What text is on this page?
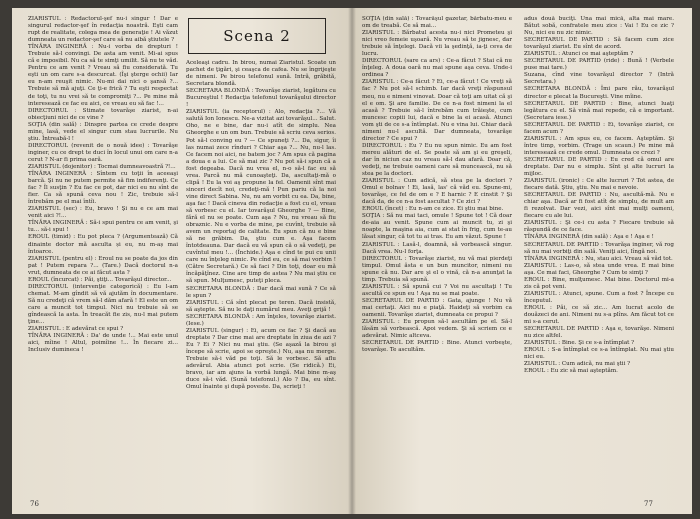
ZIARISTUL : Redactorul-şef nu-i singur ! Dar e singurul redactor-şef în redacţia noastră. Eşti cam rupt de realitate, colega mea de generaţie ! Ai văzut dumneata un redactor-şef care să nu aibă ştiutele ?
TÎNĂRA INGINERĂ : Nu-i vorba de drepturi ! Trebuie să-l convingi. De asta am venit. Mi-ai spus că e imposibil. Nu ca să te simţi umilit. Să nu te văd. Pentru ce am venit ? Vreau să fiu considerată. Tu eşti un om care s-a descurcat. (Îşi şterge ochii) Iar eu n-am reuşit nimic. Nu-mi dai nici o şansă ?... Trebuie să mă ajuţi. Ce ţi-e frică ? Tu eşti respectat de toţi, tu nu vrei să te compromiţi ?... Pe mine mă interesează ce fac eu aici, ce vreau eu să fac !...
DIRECTORUL : Stimate tovarăşe ziarist, n-ai obiecţiuni nici de ce vine ?
SOŢIA (din sală) : Dinspre partea ce crede despre mine, lasă, vede el singur cum stau lucrurile. Nu ştiu. Întreabă-l !
DIRECTORUL (revenit de o nouă idee) : Tovarăşe inginer, cu ce drept te duci în locul unui om care n-a cerut ? N-ar fi prima oară.
ZIARISTUL (dojenitor) : Tocmai dumneavoastră ?!...
TÎNĂRA INGINERĂ : Sîntem cu toţii în aceeaşi barcă. Şi nu ne putem permite să fim indiferenţi. Ce fac ? Îl susţin ? Eu fac ce pot, dar nici eu nu sînt de fier. Ca să spună ceva nou ! Zic, trebuie să-l întrebăm pe el mai întîi.
ZIARISTUL (sec) : Eu, bravo ! Şi nu e ce am mai venit aici ?!...
TÎNĂRA INGINERĂ : Să-i spui pentru ce am venit, şi tu... să-i spui !
EROUL (timid) : Eu pot pleca ? (Argumentează) Că dinainte doctor mă asculta și eu, nu m-aș mai întoarce.
ZIARISTUL (pentru el) : Eroul nu se poate da jos din pat ! Putem repara ?... (Tare.) Dacă doctorul n-a vrut, dumneata de ce ai făcut asta ?
EROUL (încurcat) : Păi, ştiţi... Tovarăşul director...
DIRECTORUL (intervenţie categorică) : Eu l-am chemat. M-am gîndit să vă ajutăm în documentare. Să nu credeţi că vrem să-l dăm afară ! El este un om care a muncit tot timpul. Nici nu trebuie să se gîndească la asta. În treacăt fie zis, nu-l mai putem ţine...
ZIARISTUL : E adevărat ce spui ?
TÎNĂRA INGINERĂ : Da' de unde !... Mai este unul aici, mîine ! Altul, poimîine !... În fiecare zi... Inclusiv dumineca !
Scena 2
Aceleaşi cadru. În birou, numai Ziaristul. Scoate un pachet de ţigări, şi ceaşca de cafea. Nu se îngrijeşte de nimeni. Pe birou telefonul sună. Intră, grăbită, Secretara blondă.
SECRETARA BLONDĂ : Tovarăşe ziarist, legătura cu Bucureştiul ! Redacţia telefonul tovarăşului director !
ZIARISTUL (ia receptorul) : Alo, redacţia ?... Vă salută Ion Ionescu. Ne-a vizitat azi tovarăşul... Salut. Oho, ne e bine, dar nu-i atît de simplu. Nea Gheorghe e un om bun. Trebuie să scriu ceva serios. Pot să-l conving eu ? — Ce spuneţi ?... Da, sigur, îi las numai zece rînduri ? Chiar aşa ?... Nu, nu-l las. Ce facem noi aici, ne batem joc ? Am spus că pagina a doua e a lui. Ce să mai zic ? Nu pot să-i spun că a fost degeaba. Dacă nu vrea el, n-o să-l fac eu să vrea. Parcă nu mă cunoaşteţi. Da, ascultaţi-mă o clipă ! Eu la voi aş propune la fel. Oamenii sînt mai sinceri decît noi, credeţi-mă ! Pun pariu că la noi vine direct Sabina. Nu, nu am vorbit cu ea. Da, bine, aşa fac ! Dacă cineva din redacţie a fost cu el, vreau să vorbesc cu el. Iar tovarăşul Gheorghe ? — Bine, fără el nu se poate. Cum aşa ? Nu, nu vreau să fiu obraznic. Nu e vorba de mine, pe cuvînt, trebuie să avem un reportaj de calitate. Eu spun că nu e bine să ne grăbim. Da, ştiu cum e. Aşa facem întotdeauna. Dar dacă eu vă spun că o să vedeţi, pe cuvîntul meu !... (Închide.) Aşa e cînd te pui cu unii care nu înţeleg nimic. Pe cînd eu, ce să mai vorbim ! (Către Secretară.) Ce să faci ? Din toţi, doar eu mă încăpăţînez. Cine are timp de astea ? Nu mai ştiu ce să spun. Mulţumesc, puteţi pleca.
SECRETARA BLONDĂ : Dar dacă mai sună ? Ce să le spun ?
ZIARISTUL : Că sînt plecat pe teren. Dacă insistă, să aştepte. Să nu le daţi numărul meu. Aveţi grijă !
SECRETARA BLONDĂ : Am înţeles, tovarăşe ziarist. (Iese.)
ZIARISTUL (singur) : Ei, acum ce fac ? Şi dacă au dreptate ? Dar cine mai are dreptate în ziua de azi ? Eu ? Ei ? Nici nu mai ştiu. (Se aşază la birou şi începe să scrie, apoi se opreşte.) Nu, aşa nu merge. Trebuie să-i văd pe toţi. Să le vorbesc. Să aflu adevărul. Abia atunci pot scrie. (Se ridică.) Ei, bravo, iar am ajuns la vorbă lungă. Mai bine m-aş duce să-i văd. (Sună telefonul.) Alo ? Da, eu sînt. Omul înainte şi după poveste. Da, scrieţi !
76
SOŢIA (din sală) : Tovarăşul gazetar, bărbatu-meu e om de treabă. Ce să mai...
ZIARISTUL : Bărbatul acesta nu-i nici Prometeu şi nici vreo femeie uşoară. Nu vreau să te jignesc, dar trebuie să înţelegi. Dacă vii la şedinţă, ia-ţi ceva de lucru.
DIRECTORUL (sare ca ars) : Ce-a făcut ? Stai că nu înţeleg. A doua oară nu mai spune aşa ceva. Unde-i ordinea ?
ZIARISTUL : Ce-a făcut ? Ei, ce-a făcut ! Ce vreţi să fac ? Nu pot să-l schimb. Iar dacă vreţi răspunsul meu, nu e nimeni vinovat. Doar că toţi am uitat că şi el e om. Şi are familie. De ce n-a fost nimeni la el acasă ? Trebuie să-l întrebăm cum trăieşte, cum muncesc copiii lui, dacă e bine la ei acasă. Atunci vom şti de ce s-a întîmplat. Nu e vina lui. Chiar dacă nimeni nu-l ascultă. Dar dumneata, tovarăşe director ? Ce spui ?
DIRECTORUL : Eu ? Eu nu spun nimic. Eu am fost mereu alături de el. Se poate să am şi eu greşeli, dar în niciun caz nu vreau să-l dau afară. Doar că, vedeţi, ne trebuie oameni care să muncească, nu să stea pe la doctori.
ZIARISTUL : Cum adică, să stea pe la doctori ? Omul e bolnav ! Ei, lasă, las' că văd eu. Spune-mi, tovarăşe, ce fel de om e ? E harnic ? E cinstit ? Şi dacă da, de ce n-a fost ascultat ? Ce zici ?
EROUL (încet) : Eu n-am ce zice. Ei ştiu mai bine.
SOŢIA : Să nu mai taci, omule ! Spune tot ! Că doar de-aia au venit. Spune cum ai muncit tu, zi şi noapte, la maşina aia, cum ai stat în frig, cum te-au lăsat singur, că tot tu ai tras. Eu am văzut. Spune !
ZIARISTUL : Lasă-l, doamnă, să vorbească singur. Dacă vrea. Nu-l forţa.
DIRECTORUL : Tovarăşe ziarist, nu vă mai pierdeţi timpul. Omul ăsta e un bun muncitor, nimeni nu spune că nu. Dar are şi el o vină, că n-a anunţat la timp. Trebuia să spună.
ZIARISTUL : Să spună cui ? Voi nu ascultaţi ! Tu ascultă ce spun eu ! Aşa nu se mai poate.
SECRETARUL DE PARTID : Gata, ajunge ! Nu vă mai certaţi. Aici nu e piaţă. Haideţi să vorbim ca oamenii. Tovarăşe ziarist, dumneata ce propui ?
ZIARISTUL : Eu propun să-l ascultăm pe el. Să-l lăsăm să vorbească. Apoi vedem. Şi să scriem ce e adevărat. Nimic altceva.
SECRETARUL DE PARTID : Bine. Atunci vorbeşte, tovarăşe. Te ascultăm.
adus două buciţi. Una mai mică, alta mai mare. Bătut sobă, confratele meu zice : Vai ! Eu ce zic ? Nu, nici eu nu zic nimic.
SECRETARUL DE PARTID : Să facem cum zice tovarăşul ziarist. Eu sînt de acord.
ZIARISTUL : Atunci ce mai aşteptăm ?
SECRETARUL DE PARTID (ride) : Bună ! (Verbele puse mai tare.)
Suzana, cînd vine tovarăşul director ? (Intră Secretara.)
SECRETARA BLONDĂ : Îmi pare rău, tovarăşul director e plecat la Bucureşti. Vine mîine.
SECRETARUL DE PARTID : Bine, atunci luaţi legătura cu el. Să vină mai repede, că e important. (Secretara iese.)
SECRETARUL DE PARTID : Ei, tovarăşe ziarist, ce facem acum ?
ZIARISTUL : Am spus eu, ce facem. Aşteptăm. Şi între timp, vorbim. (Trage un scaun.) Pe mine mă interesează ce crede omul. Dumneata ce crezi ?
SECRETARUL DE PARTID : Eu cred că omul are dreptate. Dar nu e simplu. Sînt şi alte lucruri la mijloc.
ZIARISTUL (ironic) : Ce alte lucruri ? Tot astea, de fiecare dată. Ştiu, ştiu. Nu mai e nevoie.
SECRETARUL DE PARTID : Nu, ascultă-mă. Nu e chiar aşa. Dacă ar fi fost atît de simplu, de mult am fi rezolvat. Dar vezi, aici sînt mai mulţi oameni, fiecare cu ale lui.
ZIARISTUL : Şi ce-i cu asta ? Fiecare trebuie să răspundă de ce face.
TÎNĂRA INGINERĂ (din sală) : Aşa e ! Aşa e !
SECRETARUL DE PARTID : Tovarăşa inginer, vă rog să nu mai vorbiţi din sală. Veniţi aici, lîngă noi.
TÎNĂRA INGINERĂ : Nu, stau aici. Vreau să văd tot.
ZIARISTUL : Las-o, să stea unde vrea. E mai bine aşa. Ce mai faci, Gheorghe ? Cum te simţi ?
EROUL : Bine, mulţumesc. Mai bine. Doctorul mi-a zis că pot veni.
ZIARISTUL : Atunci, spune. Cum a fost ? Începe cu începutul.
EROUL : Păi, ce să zic... Am lucrat acolo de douăzeci de ani. Nimeni nu s-a plîns. Am făcut tot ce mi s-a cerut.
SECRETARUL DE PARTID : Aşa e, tovarăşe. Nimeni nu zice altfel.
ZIARISTUL : Bine. Şi ce s-a întîmplat ?
EROUL : S-a întîmplat ce s-a întîmplat. Nu mai ştiu nici eu.
ZIARISTUL : Cum adică, nu mai ştii ?
EROUL : Eu zic să mai aşteptăm.
77
